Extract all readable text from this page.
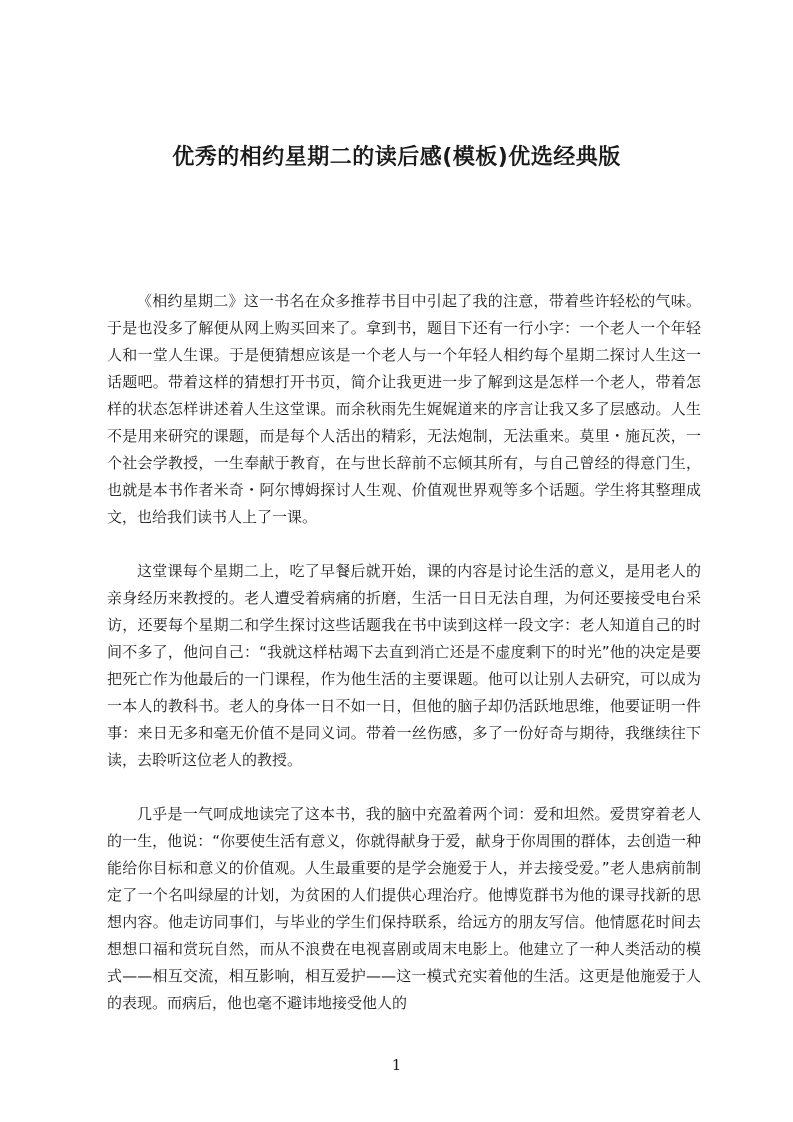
优秀的相约星期二的读后感(模板)优选经典版

《相约星期二》这一书名在众多推荐书目中引起了我的注意，带着些许轻松的气味。于是也没多了解便从网上购买回来了。拿到书，题目下还有一行小字：一个老人一个年轻人和一堂人生课。于是便猜想应该是一个老人与一个年轻人相约每个星期二探讨人生这一话题吧。带着这样的猜想打开书页，简介让我更进一步了解到这是怎样一个老人，带着怎样的状态怎样讲述着人生这堂课。而余秋雨先生娓娓道来的序言让我又多了层感动。人生不是用来研究的课题，而是每个人活出的精彩，无法炮制，无法重来。莫里・施瓦茨，一个社会学教授，一生奉献于教育，在与世长辞前不忘倾其所有，与自己曾经的得意门生，也就是本书作者米奇・阿尔博姆探讨人生观、价值观世界观等多个话题。学生将其整理成文，也给我们读书人上了一课。

这堂课每个星期二上，吃了早餐后就开始，课的内容是讨论生活的意义，是用老人的亲身经历来教授的。老人遭受着病痛的折磨，生活一日日无法自理，为何还要接受电台采访，还要每个星期二和学生探讨这些话题我在书中读到这样一段文字：老人知道自己的时间不多了，他问自己：“我就这样枯竭下去直到消亡还是不虚度剩下的时光”他的决定是要把死亡作为他最后的一门课程，作为他生活的主要课题。他可以让别人去研究，可以成为一本人的教科书。老人的身体一日不如一日，但他的脑子却仍活跃地思维，他要证明一件事：来日无多和毫无价值不是同义词。带着一丝伤感，多了一份好奇与期待，我继续往下读，去聆听这位老人的教授。

几乎是一气呵成地读完了这本书，我的脑中充盈着两个词：爱和坦然。爱贯穿着老人的一生，他说：“你要使生活有意义，你就得献身于爱，献身于你周围的群体，去创造一种能给你目标和意义的价值观。人生最重要的是学会施爱于人，并去接受爱。”老人患病前制定了一个名叫绿屋的计划，为贫困的人们提供心理治疗。他博览群书为他的课寻找新的思想内容。他走访同事们，与毕业的学生们保持联系，给远方的朋友写信。他情愿花时间去想想口福和赏玩自然，而从不浪费在电视喜剧或周末电影上。他建立了一种人类活动的模式——相互交流，相互影响，相互爱护——这一模式充实着他的生活。这更是他施爱于人的表现。而病后，他也毫不避讳地接受他人的

1
